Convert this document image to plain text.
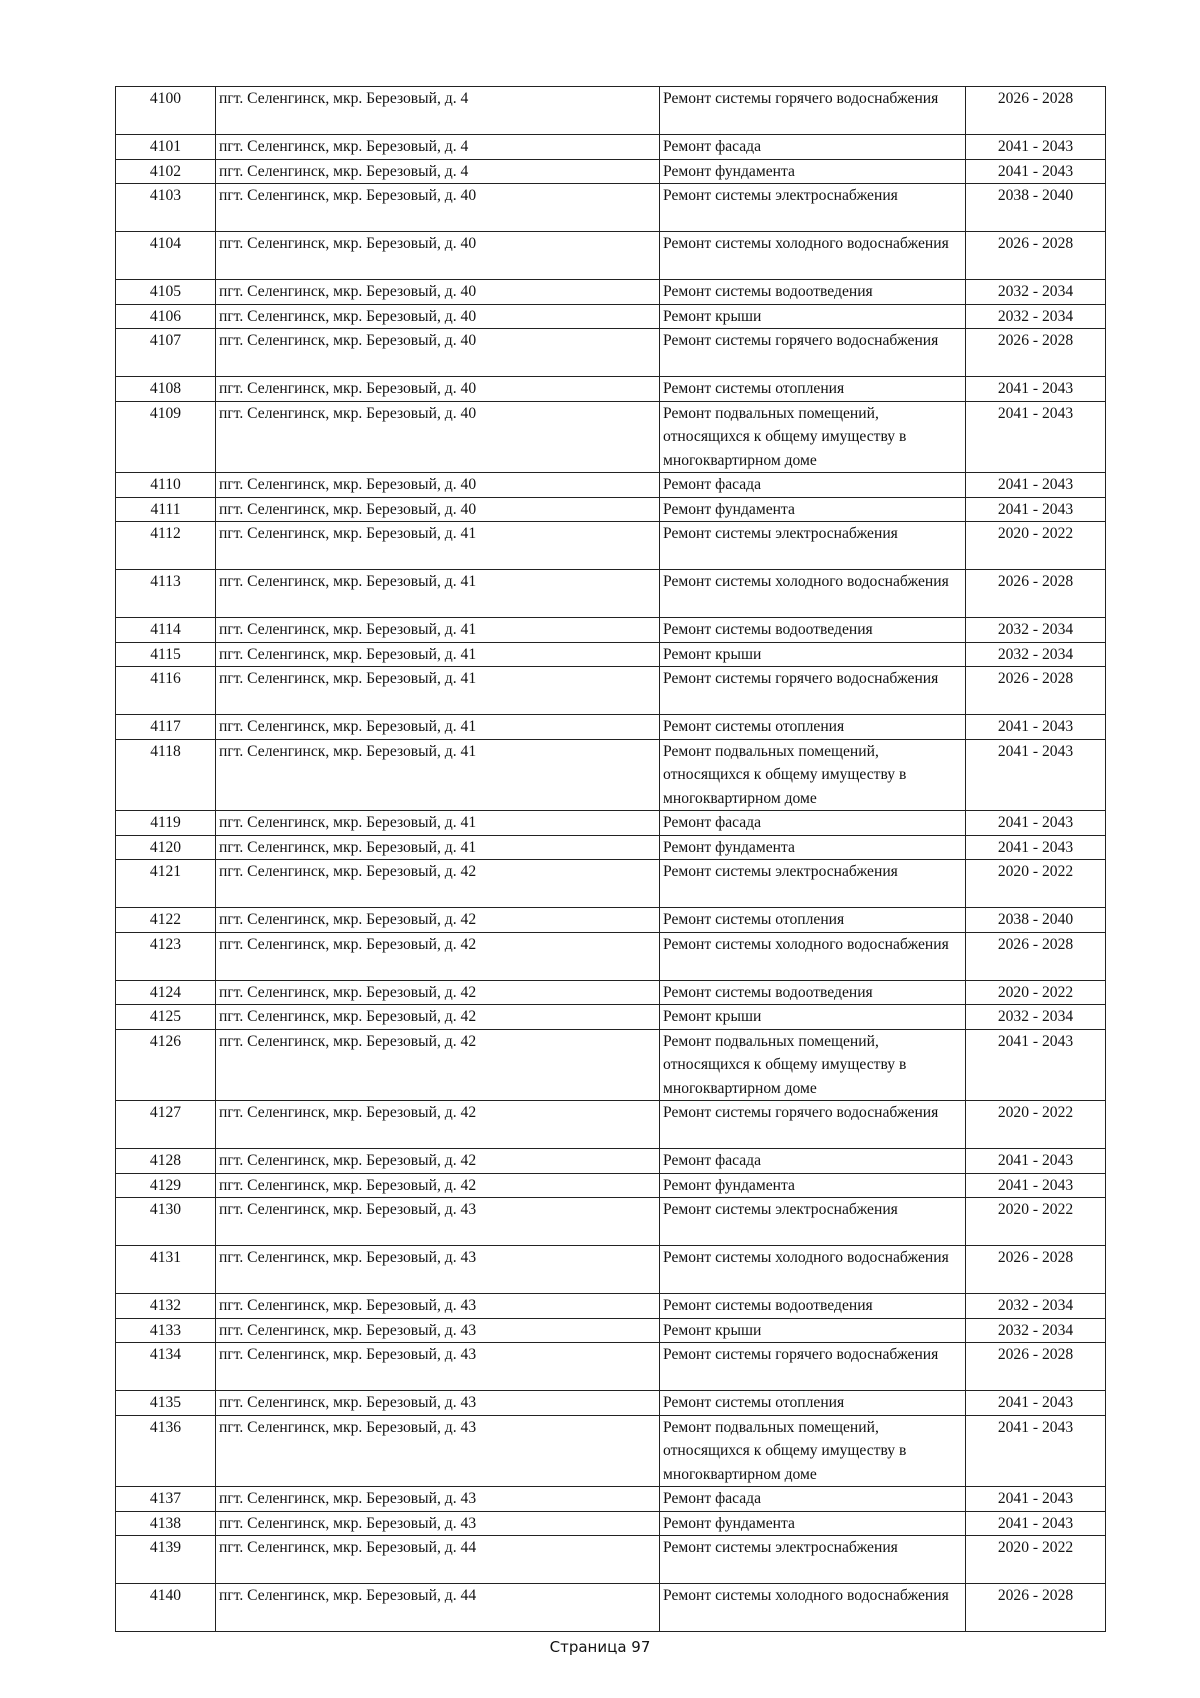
4100	пгт. Селенгинск, мкр. Березовый, д. 4	Ремонт системы горячего водоснабжения	2026 - 2028
4101	пгт. Селенгинск, мкр. Березовый, д. 4	Ремонт фасада	2041 - 2043
4102	пгт. Селенгинск, мкр. Березовый, д. 4	Ремонт фундамента	2041 - 2043
4103	пгт. Селенгинск, мкр. Березовый, д. 40	Ремонт системы электроснабжения	2038 - 2040
4104	пгт. Селенгинск, мкр. Березовый, д. 40	Ремонт системы холодного водоснабжения	2026 - 2028
4105	пгт. Селенгинск, мкр. Березовый, д. 40	Ремонт системы водоотведения	2032 - 2034
4106	пгт. Селенгинск, мкр. Березовый, д. 40	Ремонт крыши	2032 - 2034
4107	пгт. Селенгинск, мкр. Березовый, д. 40	Ремонт системы горячего водоснабжения	2026 - 2028
4108	пгт. Селенгинск, мкр. Березовый, д. 40	Ремонт системы отопления	2041 - 2043
4109	пгт. Селенгинск, мкр. Березовый, д. 40	Ремонт подвальных помещений, относящихся к общему имуществу в многоквартирном доме	2041 - 2043
4110	пгт. Селенгинск, мкр. Березовый, д. 40	Ремонт фасада	2041 - 2043
4111	пгт. Селенгинск, мкр. Березовый, д. 40	Ремонт фундамента	2041 - 2043
4112	пгт. Селенгинск, мкр. Березовый, д. 41	Ремонт системы электроснабжения	2020 - 2022
4113	пгт. Селенгинск, мкр. Березовый, д. 41	Ремонт системы холодного водоснабжения	2026 - 2028
4114	пгт. Селенгинск, мкр. Березовый, д. 41	Ремонт системы водоотведения	2032 - 2034
4115	пгт. Селенгинск, мкр. Березовый, д. 41	Ремонт крыши	2032 - 2034
4116	пгт. Селенгинск, мкр. Березовый, д. 41	Ремонт системы горячего водоснабжения	2026 - 2028
4117	пгт. Селенгинск, мкр. Березовый, д. 41	Ремонт системы отопления	2041 - 2043
4118	пгт. Селенгинск, мкр. Березовый, д. 41	Ремонт подвальных помещений, относящихся к общему имуществу в многоквартирном доме	2041 - 2043
4119	пгт. Селенгинск, мкр. Березовый, д. 41	Ремонт фасада	2041 - 2043
4120	пгт. Селенгинск, мкр. Березовый, д. 41	Ремонт фундамента	2041 - 2043
4121	пгт. Селенгинск, мкр. Березовый, д. 42	Ремонт системы электроснабжения	2020 - 2022
4122	пгт. Селенгинск, мкр. Березовый, д. 42	Ремонт системы отопления	2038 - 2040
4123	пгт. Селенгинск, мкр. Березовый, д. 42	Ремонт системы холодного водоснабжения	2026 - 2028
4124	пгт. Селенгинск, мкр. Березовый, д. 42	Ремонт системы водоотведения	2020 - 2022
4125	пгт. Селенгинск, мкр. Березовый, д. 42	Ремонт крыши	2032 - 2034
4126	пгт. Селенгинск, мкр. Березовый, д. 42	Ремонт подвальных помещений, относящихся к общему имуществу в многоквартирном доме	2041 - 2043
4127	пгт. Селенгинск, мкр. Березовый, д. 42	Ремонт системы горячего водоснабжения	2020 - 2022
4128	пгт. Селенгинск, мкр. Березовый, д. 42	Ремонт фасада	2041 - 2043
4129	пгт. Селенгинск, мкр. Березовый, д. 42	Ремонт фундамента	2041 - 2043
4130	пгт. Селенгинск, мкр. Березовый, д. 43	Ремонт системы электроснабжения	2020 - 2022
4131	пгт. Селенгинск, мкр. Березовый, д. 43	Ремонт системы холодного водоснабжения	2026 - 2028
4132	пгт. Селенгинск, мкр. Березовый, д. 43	Ремонт системы водоотведения	2032 - 2034
4133	пгт. Селенгинск, мкр. Березовый, д. 43	Ремонт крыши	2032 - 2034
4134	пгт. Селенгинск, мкр. Березовый, д. 43	Ремонт системы горячего водоснабжения	2026 - 2028
4135	пгт. Селенгинск, мкр. Березовый, д. 43	Ремонт системы отопления	2041 - 2043
4136	пгт. Селенгинск, мкр. Березовый, д. 43	Ремонт подвальных помещений, относящихся к общему имуществу в многоквартирном доме	2041 - 2043
4137	пгт. Селенгинск, мкр. Березовый, д. 43	Ремонт фасада	2041 - 2043
4138	пгт. Селенгинск, мкр. Березовый, д. 43	Ремонт фундамента	2041 - 2043
4139	пгт. Селенгинск, мкр. Березовый, д. 44	Ремонт системы электроснабжения	2020 - 2022
4140	пгт. Селенгинск, мкр. Березовый, д. 44	Ремонт системы холодного водоснабжения	2026 - 2028
Страница 97
